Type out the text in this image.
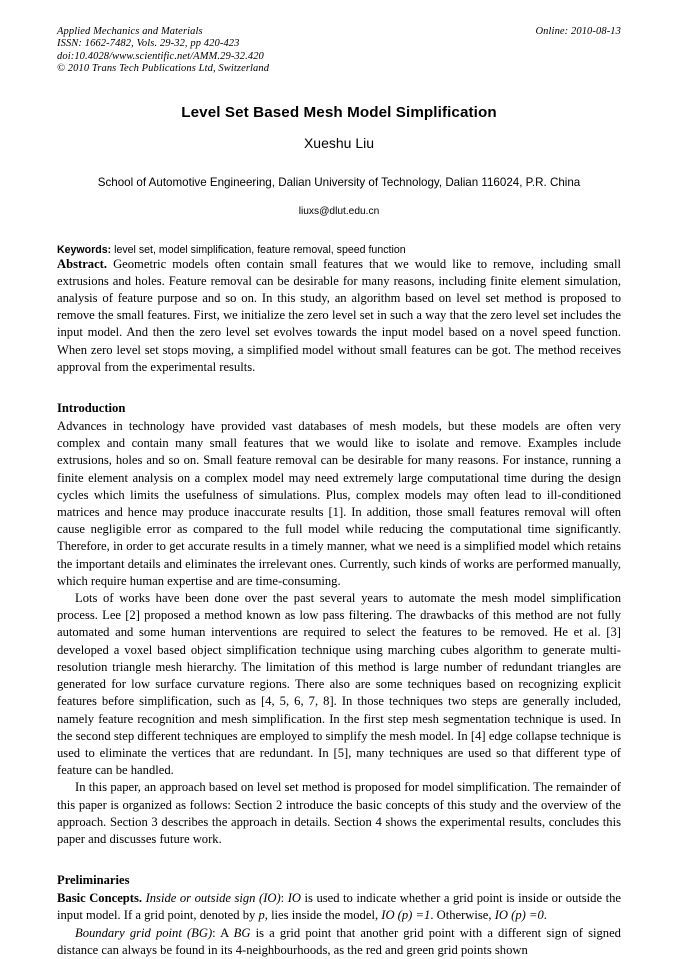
Applied Mechanics and Materials
ISSN: 1662-7482, Vols. 29-32, pp 420-423
doi:10.4028/www.scientific.net/AMM.29-32.420
© 2010 Trans Tech Publications Ltd, Switzerland
Online: 2010-08-13
Level Set Based Mesh Model Simplification
Xueshu Liu
School of Automotive Engineering, Dalian University of Technology, Dalian 116024, P.R. China
liuxs@dlut.edu.cn
Keywords: level set, model simplification, feature removal, speed function

Abstract. Geometric models often contain small features that we would like to remove, including small extrusions and holes. Feature removal can be desirable for many reasons, including finite element simulation, analysis of feature purpose and so on. In this study, an algorithm based on level set method is proposed to remove the small features. First, we initialize the zero level set in such a way that the zero level set includes the input model. And then the zero level set evolves towards the input model based on a novel speed function. When zero level set stops moving, a simplified model without small features can be got. The method receives approval from the experimental results.

Introduction

Advances in technology have provided vast databases of mesh models, but these models are often very complex and contain many small features that we would like to isolate and remove. Examples include extrusions, holes and so on. Small feature removal can be desirable for many reasons. For instance, running a finite element analysis on a complex model may need extremely large computational time during the design cycles which limits the usefulness of simulations. Plus, complex models may often lead to ill-conditioned matrices and hence may produce inaccurate results [1]. In addition, those small features removal will often cause negligible error as compared to the full model while reducing the computational time significantly. Therefore, in order to get accurate results in a timely manner, what we need is a simplified model which retains the important details and eliminates the irrelevant ones. Currently, such kinds of works are performed manually, which require human expertise and are time-consuming.

Lots of works have been done over the past several years to automate the mesh model simplification process. Lee [2] proposed a method known as low pass filtering. The drawbacks of this method are not fully automated and some human interventions are required to select the features to be removed. He et al. [3] developed a voxel based object simplification technique using marching cubes algorithm to generate multi-resolution triangle mesh hierarchy. The limitation of this method is large number of redundant triangles are generated for low surface curvature regions. There also are some techniques based on recognizing explicit features before simplification, such as [4, 5, 6, 7, 8]. In those techniques two steps are generally included, namely feature recognition and mesh simplification. In the first step mesh segmentation technique is used. In the second step different techniques are employed to simplify the mesh model. In [4] edge collapse technique is used to eliminate the vertices that are redundant. In [5], many techniques are used so that different type of feature can be handled.

In this paper, an approach based on level set method is proposed for model simplification. The remainder of this paper is organized as follows: Section 2 introduce the basic concepts of this study and the overview of the approach. Section 3 describes the approach in details. Section 4 shows the experimental results, concludes this paper and discusses future work.

Preliminaries

Basic Concepts. Inside or outside sign (IO): IO is used to indicate whether a grid point is inside or outside the input model. If a grid point, denoted by p, lies inside the model, IO (p) =1. Otherwise, IO (p) =0.

Boundary grid point (BG): A BG is a grid point that another grid point with a different sign of signed distance can always be found in its 4-neighbourhoods, as the red and green grid points shown
